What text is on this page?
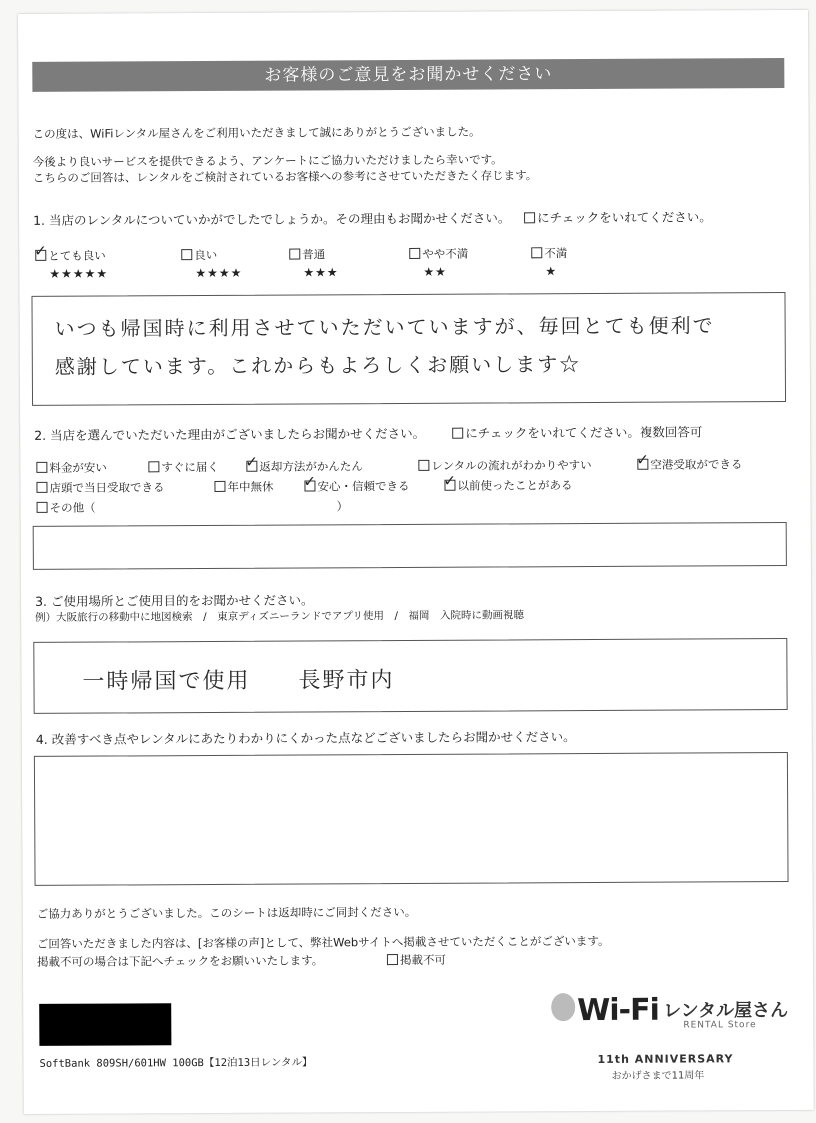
お客様のご意見をお聞かせください
この度は、WiFiレンタル屋さんをご利用いただきまして誠にありがとうございました。
今後より良いサービスを提供できるよう、アンケートにご協力いただけましたら幸いです。
こちらのご回答は、レンタルをご検討されているお客様への参考にさせていただきたく存じます。
1. 当店のレンタルについていかがでしたでしょうか。その理由もお聞かせください。	にチェックをいれてください。
✓とても良い
★★★★★
良い
★★★★
普通
★★★
やや不満
★★
不満
★
いつも帰国時に利用させていただいていますが、毎回とても便利で
感謝しています。これからもよろしくお願いします☆
2. 当店を選んでいただいた理由がございましたらお聞かせください。	にチェックをいれてください。複数回答可
料金が安い	すぐに届く ✓	返却方法がかんたん	レンタルの流れがわかりやすい ✓	空港受取ができる
店頭で当日受取できる	年中無休 ✓	安心・信頼できる ✓	以前使ったことがある
その他（	）
3. ご使用場所とご使用目的をお聞かせください。
例）大阪旅行の移動中に地図検索　/　東京ディズニーランドでアプリ使用　/　福岡　入院時に動画視聴
一時帰国で使用　　長野市内
4. 改善すべき点やレンタルにあたりわかりにくかった点などございましたらお聞かせください。
ご協力ありがとうございました。このシートは返却時にご同封ください。
ご回答いただきました内容は、[お客様の声]として、弊社Webサイトへ掲載させていただくことがございます。
掲載不可の場合は下記へチェックをお願いいたします。	掲載不可
SoftBank 809SH/601HW 100GB【12泊13日レンタル】
Wi-Fi レンタル屋さん
RENTAL Store
11th ANNIVERSARY
おかげさまで11周年
